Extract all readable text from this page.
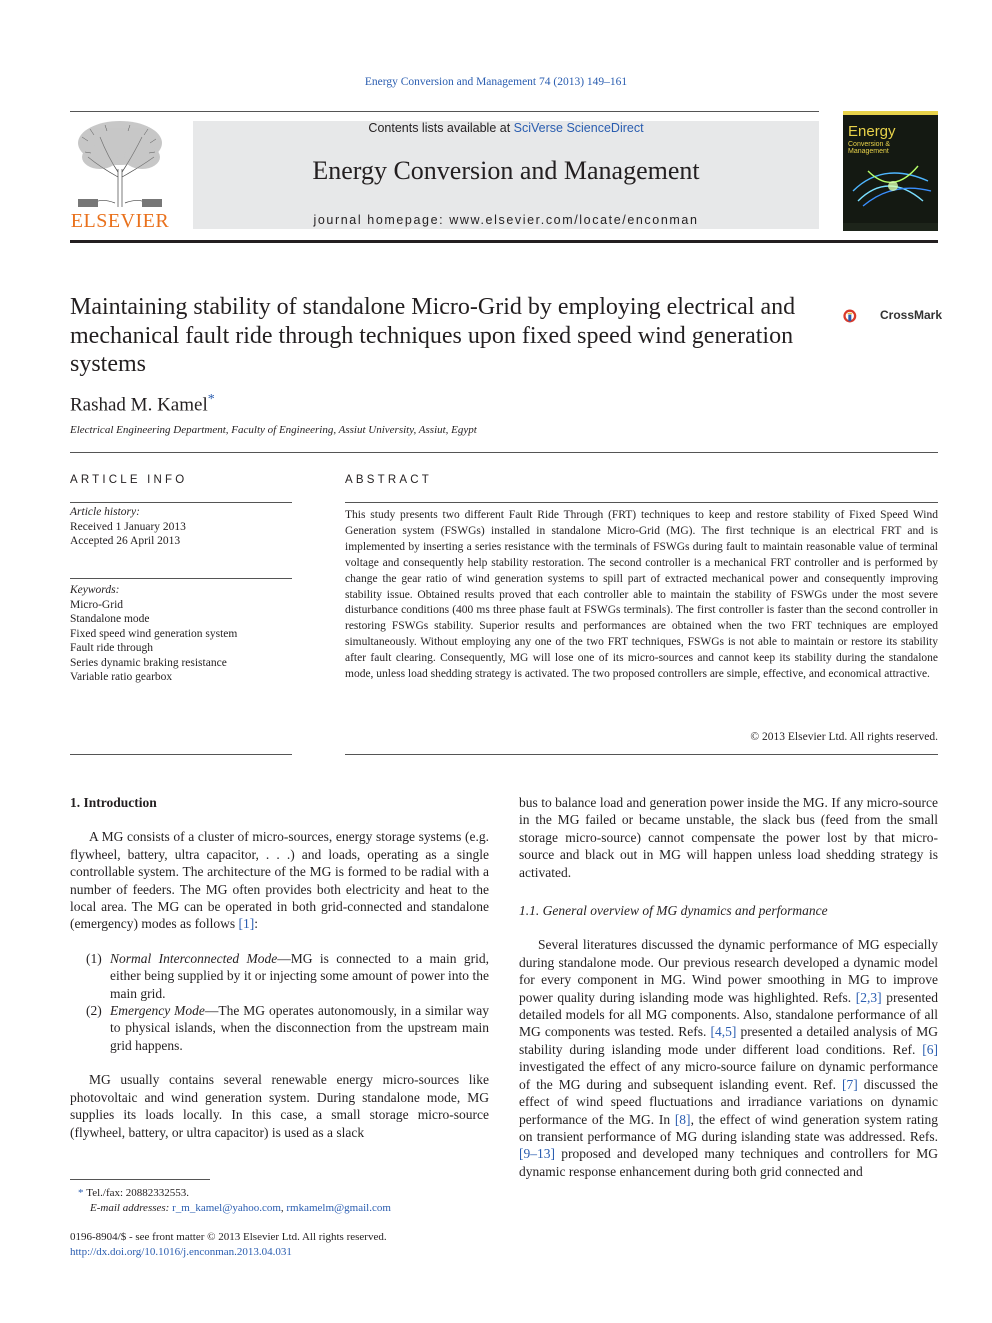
Energy Conversion and Management 74 (2013) 149–161
ELSEVIER
Contents lists available at SciVerse ScienceDirect
Energy Conversion and Management
journal homepage: www.elsevier.com/locate/enconman
Energy
Conversion & Management
Maintaining stability of standalone Micro-Grid by employing electrical and mechanical fault ride through techniques upon fixed speed wind generation systems
CrossMark
Rashad M. Kamel*
Electrical Engineering Department, Faculty of Engineering, Assiut University, Assiut, Egypt
ARTICLE INFO
Article history:
Received 1 January 2013
Accepted 26 April 2013
Keywords:
Micro-Grid
Standalone mode
Fixed speed wind generation system
Fault ride through
Series dynamic braking resistance
Variable ratio gearbox
ABSTRACT
This study presents two different Fault Ride Through (FRT) techniques to keep and restore stability of Fixed Speed Wind Generation system (FSWGs) installed in standalone Micro-Grid (MG). The first technique is an electrical FRT and is implemented by inserting a series resistance with the terminals of FSWGs during fault to maintain reasonable value of terminal voltage and consequently help stability restoration. The second controller is a mechanical FRT controller and is performed by change the gear ratio of wind generation systems to spill part of extracted mechanical power and consequently improving stability issue. Obtained results proved that each controller able to maintain the stability of FSWGs under the most severe disturbance conditions (400 ms three phase fault at FSWGs terminals). The first controller is faster than the second controller in restoring FSWGs stability. Superior results and performances are obtained when the two FRT techniques are employed simultaneously. Without employing any one of the two FRT techniques, FSWGs is not able to maintain or restore its stability after fault clearing. Consequently, MG will lose one of its micro-sources and cannot keep its stability during the standalone mode, unless load shedding strategy is activated. The two proposed controllers are simple, effective, and economical attractive.
© 2013 Elsevier Ltd. All rights reserved.

1. Introduction

A MG consists of a cluster of micro-sources, energy storage systems (e.g. flywheel, battery, ultra capacitor, . . .) and loads, operating as a single controllable system. The architecture of the MG is formed to be radial with a number of feeders. The MG often provides both electricity and heat to the local area. The MG can be operated in both grid-connected and standalone (emergency) modes as follows [1]:

(1) Normal Interconnected Mode—MG is connected to a main grid, either being supplied by it or injecting some amount of power into the main grid.
(2) Emergency Mode—The MG operates autonomously, in a similar way to physical islands, when the disconnection from the upstream main grid happens.

MG usually contains several renewable energy micro-sources like photovoltaic and wind generation system. During standalone mode, MG supplies its loads locally. In this case, a small storage micro-source (flywheel, battery, or ultra capacitor) is used as a slack

bus to balance load and generation power inside the MG. If any micro-source in the MG failed or became unstable, the slack bus (feed from the small storage micro-source) cannot compensate the power lost by that micro-source and black out in MG will happen unless load shedding strategy is activated.

1.1. General overview of MG dynamics and performance

Several literatures discussed the dynamic performance of MG especially during standalone mode. Our previous research developed a dynamic model for every component in MG. Wind power smoothing in MG to improve power quality during islanding mode was highlighted. Refs. [2,3] presented detailed models for all MG components. Also, standalone performance of all MG components was tested. Refs. [4,5] presented a detailed analysis of MG stability during islanding mode under different load conditions. Ref. [6] investigated the effect of any micro-source failure on dynamic performance of the MG during and subsequent islanding event. Ref. [7] discussed the effect of wind speed fluctuations and irradiance variations on dynamic performance of the MG. In [8], the effect of wind generation system rating on transient performance of MG during islanding state was addressed. Refs. [9–13] proposed and developed many techniques and controllers for MG dynamic response enhancement during both grid connected and

* Tel./fax: 20882332553.
E-mail addresses: r_m_kamel@yahoo.com, rmkamelm@gmail.com
0196-8904/$ - see front matter © 2013 Elsevier Ltd. All rights reserved.
http://dx.doi.org/10.1016/j.enconman.2013.04.031
